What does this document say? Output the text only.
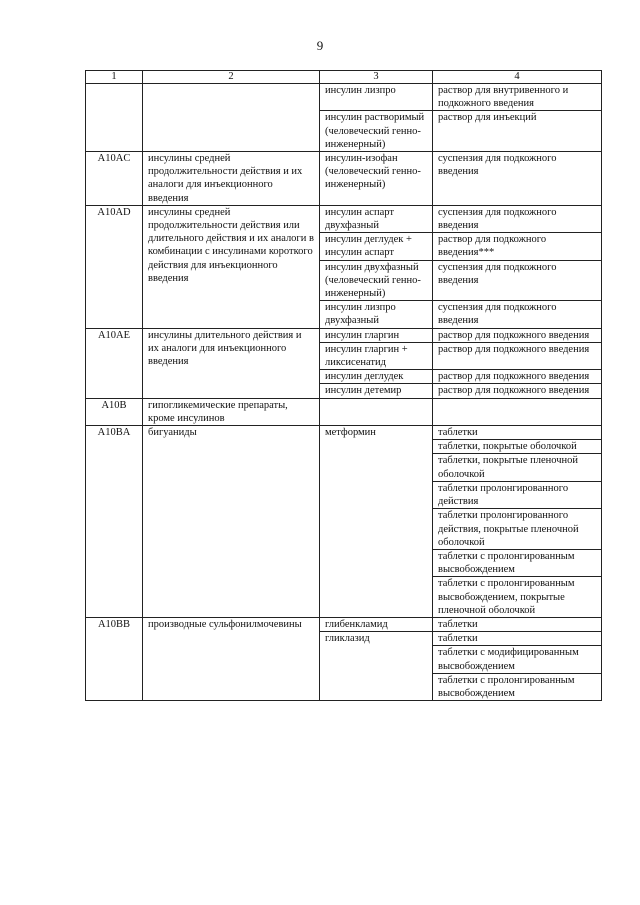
9
1	2	3	4
		инсулин лизпро	раствор для внутривенного и подкожного введения
		инсулин растворимый (человеческий генно-инженерный)	раствор для инъекций
A10AC	инсулины средней продолжительности действия и их аналоги для инъекционного введения	инсулин-изофан (человеческий генно-инженерный)	суспензия для подкожного введения
A10AD	инсулины средней продолжительности действия или длительного действия и их аналоги в комбинации с инсулинами короткого действия для инъекционного введения	инсулин аспарт двухфазный	суспензия для подкожного введения
		инсулин деглудек + инсулин аспарт	раствор для подкожного введения***
		инсулин двухфазный (человеческий генно-инженерный)	суспензия для подкожного введения
		инсулин лизпро двухфазный	суспензия для подкожного введения
A10AE	инсулины длительного действия и их аналоги для инъекционного введения	инсулин гларгин	раствор для подкожного введения
		инсулин гларгин + ликсисенатид	раствор для подкожного введения
		инсулин деглудек	раствор для подкожного введения
		инсулин детемир	раствор для подкожного введения
A10B	гипогликемические препараты, кроме инсулинов		
A10BA	бигуаниды	метформин	таблетки
			таблетки, покрытые оболочкой
			таблетки, покрытые пленочной оболочкой
			таблетки пролонгированного действия
			таблетки пролонгированного действия, покрытые пленочной оболочкой
			таблетки с пролонгированным высвобождением
			таблетки с пролонгированным высвобождением, покрытые пленочной оболочкой
A10BB	производные сульфонилмочевины	глибенкламид	таблетки
		гликлазид	таблетки
			таблетки с модифицированным высвобождением
			таблетки с пролонгированным высвобождением
